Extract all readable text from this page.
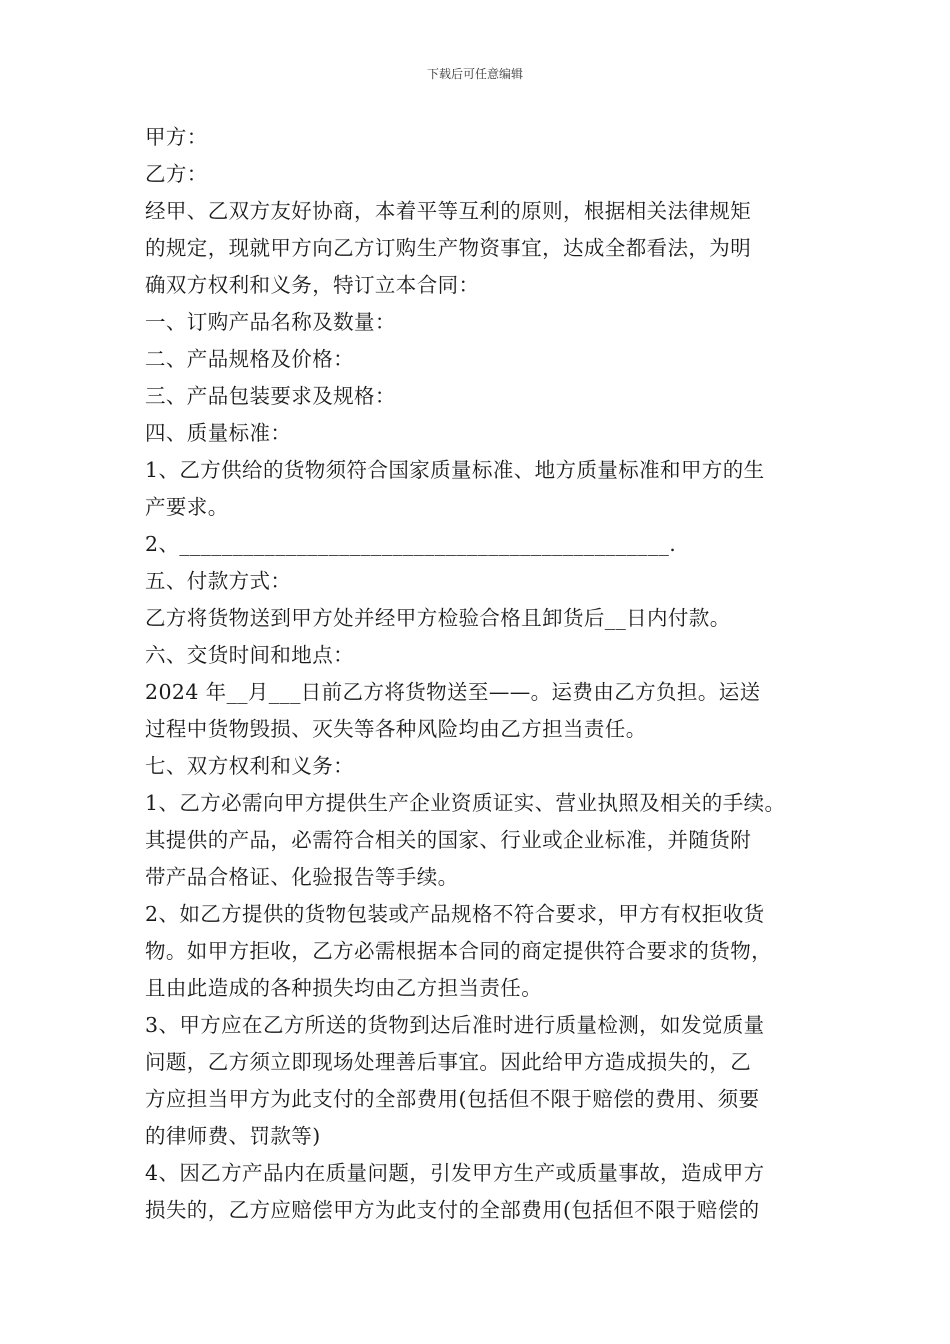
下载后可任意编辑
甲方：
乙方：
经甲、乙双方友好协商，本着平等互利的原则，根据相关法律规矩
的规定，现就甲方向乙方订购生产物资事宜，达成全都看法，为明
确双方权利和义务，特订立本合同：
一、订购产品名称及数量：
二、产品规格及价格：
三、产品包装要求及规格：
四、质量标准：
1、乙方供给的货物须符合国家质量标准、地方质量标准和甲方的生
产要求。
2、______________________________________________.
五、付款方式：
乙方将货物送到甲方处并经甲方检验合格且卸货后__日内付款。
六、交货时间和地点：
2024 年__月___日前乙方将货物送至——。运费由乙方负担。运送
过程中货物毁损、灭失等各种风险均由乙方担当责任。
七、双方权利和义务：
1、乙方必需向甲方提供生产企业资质证实、营业执照及相关的手续。
其提供的产品，必需符合相关的国家、行业或企业标准，并随货附
带产品合格证、化验报告等手续。
2、如乙方提供的货物包装或产品规格不符合要求，甲方有权拒收货
物。如甲方拒收，乙方必需根据本合同的商定提供符合要求的货物，
且由此造成的各种损失均由乙方担当责任。
3、甲方应在乙方所送的货物到达后准时进行质量检测，如发觉质量
问题，乙方须立即现场处理善后事宜。因此给甲方造成损失的，乙
方应担当甲方为此支付的全部费用(包括但不限于赔偿的费用、须要
的律师费、罚款等)
4、因乙方产品内在质量问题，引发甲方生产或质量事故，造成甲方
损失的，乙方应赔偿甲方为此支付的全部费用(包括但不限于赔偿的
